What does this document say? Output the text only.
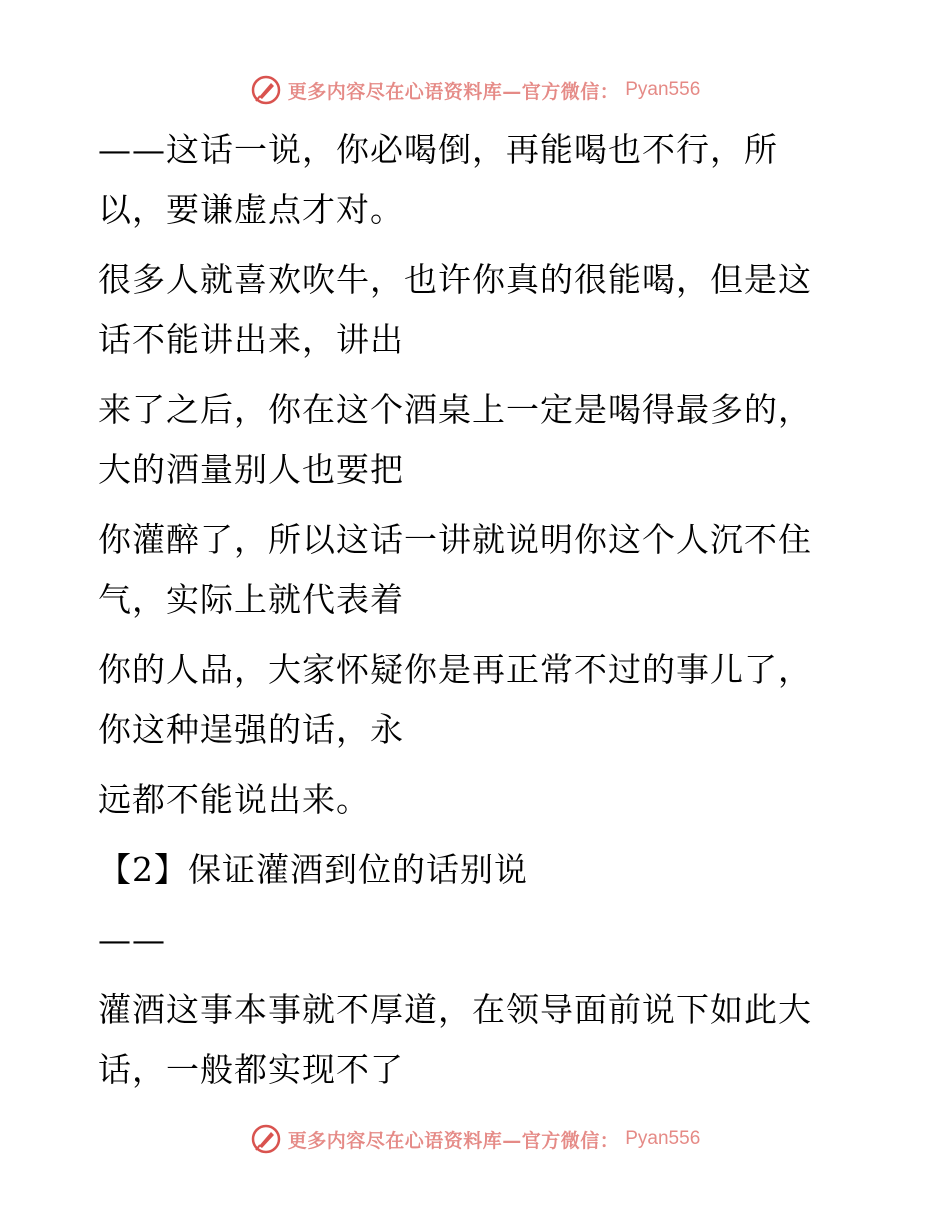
更多内容尽在心语资料库—官方微信： Pyan556

——这话一说，你必喝倒，再能喝也不行，所以，要谦虚点才对。

很多人就喜欢吹牛，也许你真的很能喝，但是这话不能讲出来，讲出

来了之后，你在这个酒桌上一定是喝得最多的，大的酒量别人也要把

你灌醉了，所以这话一讲就说明你这个人沉不住气，实际上就代表着

你的人品，大家怀疑你是再正常不过的事儿了，你这种逞强的话，永

远都不能说出来。

【2】保证灌酒到位的话别说

——

灌酒这事本事就不厚道，在领导面前说下如此大话，一般都实现不了

更多内容尽在心语资料库—官方微信： Pyan556
